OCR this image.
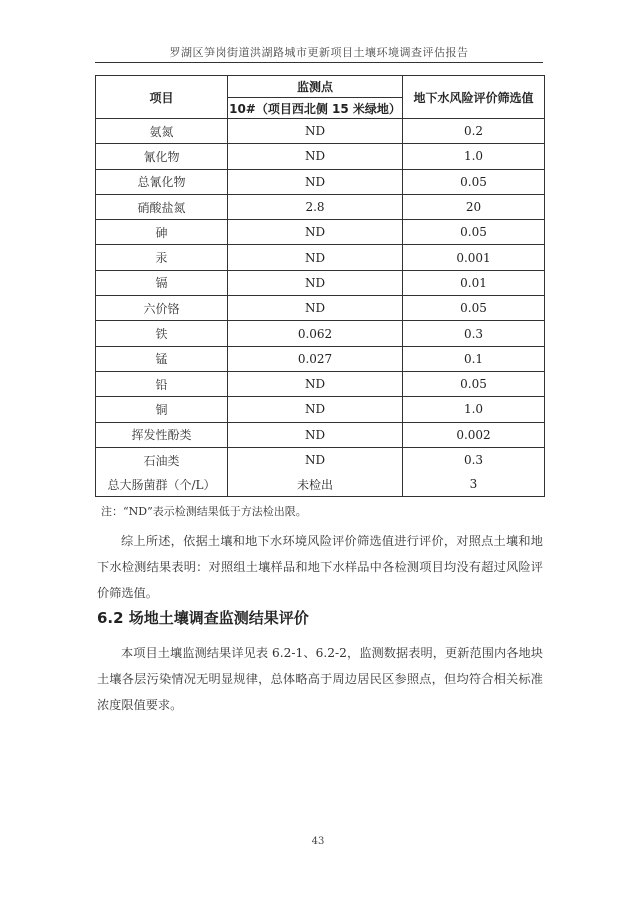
罗湖区笋岗街道洪湖路城市更新项目土壤环境调查评估报告
项目	监测点	地下水风险评价筛选值
	10#（项目西北侧 15 米绿地）	
氨氮	ND	0.2
氰化物	ND	1.0
总氰化物	ND	0.05
硝酸盐氮	2.8	20
砷	ND	0.05
汞	ND	0.001
镉	ND	0.01
六价铬	ND	0.05
铁	0.062	0.3
锰	0.027	0.1
铅	ND	0.05
铜	ND	1.0
挥发性酚类	ND	0.002
石油类	ND	0.3
总大肠菌群（个/L）	未检出	3
注：“ND”表示检测结果低于方法检出限。

综上所述，依据土壤和地下水环境风险评价筛选值进行评价，对照点土壤和地下水检测结果表明：对照组土壤样品和地下水样品中各检测项目均没有超过风险评价筛选值。

6.2 场地土壤调查监测结果评价

本项目土壤监测结果详见表 6.2-1、6.2-2，监测数据表明，更新范围内各地块土壤各层污染情况无明显规律，总体略高于周边居民区参照点，但均符合相关标准浓度限值要求。

43
